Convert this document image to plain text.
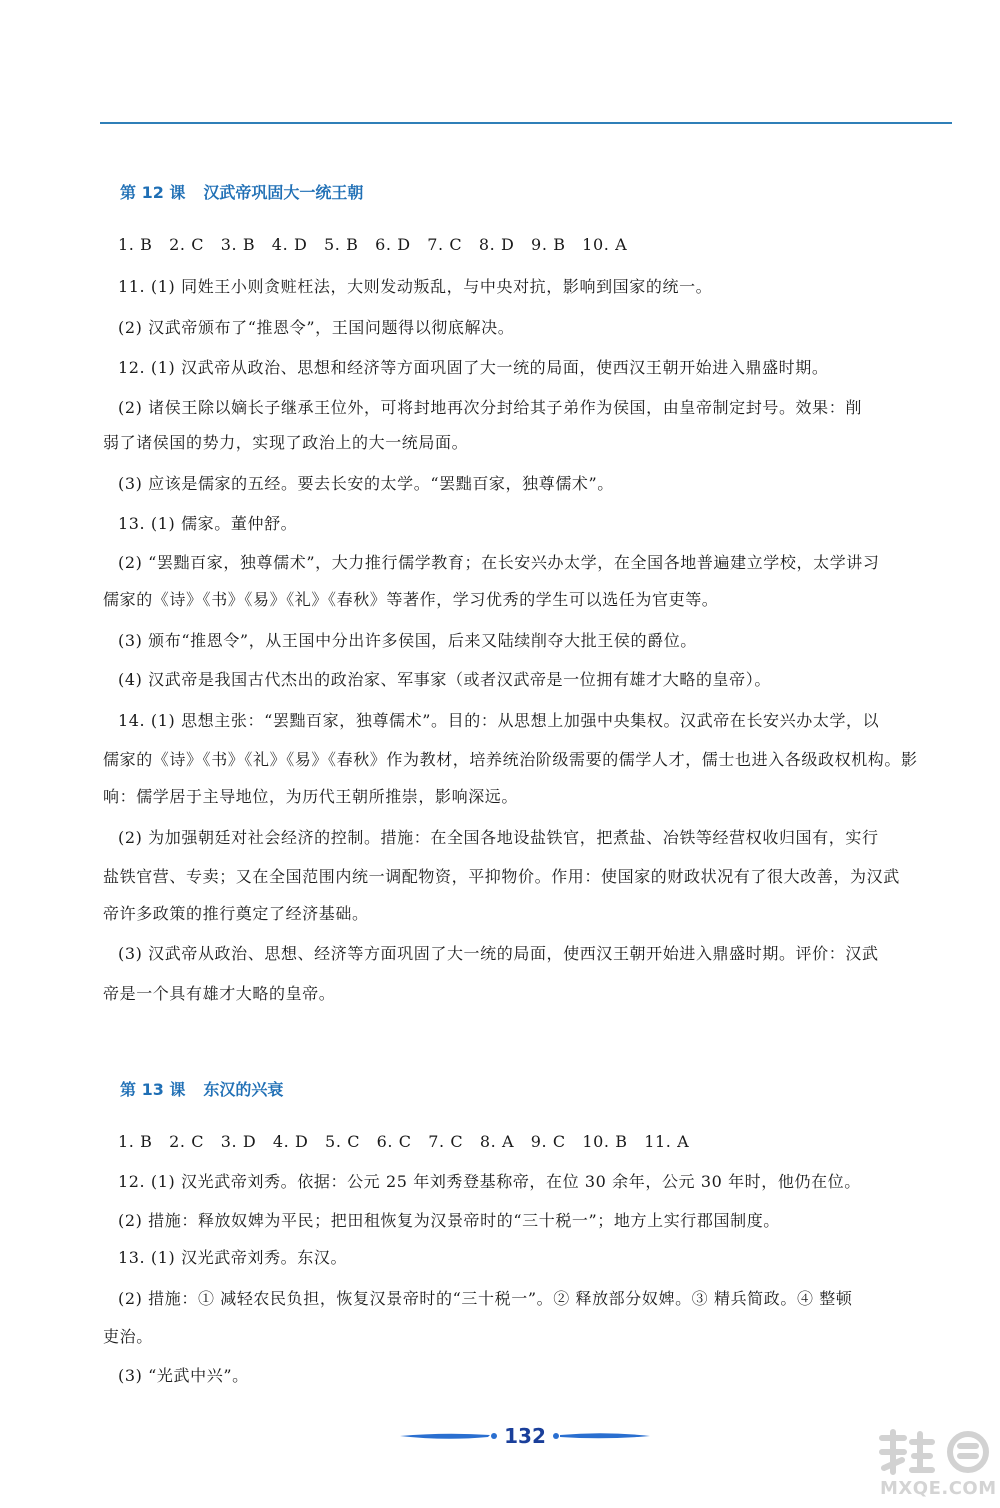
第 12 课 汉武帝巩固大一统王朝
1. B　2. C　3. B　4. D　5. B　6. D　7. C　8. D　9. B　10. A
11. (1) 同姓王小则贪赃枉法，大则发动叛乱，与中央对抗，影响到国家的统一。
(2) 汉武帝颁布了“推恩令”，王国问题得以彻底解决。
12. (1) 汉武帝从政治、思想和经济等方面巩固了大一统的局面，使西汉王朝开始进入鼎盛时期。
(2) 诸侯王除以嫡长子继承王位外，可将封地再次分封给其子弟作为侯国，由皇帝制定封号。效果：削
弱了诸侯国的势力，实现了政治上的大一统局面。
(3) 应该是儒家的五经。要去长安的太学。“罢黜百家，独尊儒术”。
13. (1) 儒家。董仲舒。
(2) “罢黜百家，独尊儒术”，大力推行儒学教育；在长安兴办太学，在全国各地普遍建立学校，太学讲习
儒家的《诗》《书》《易》《礼》《春秋》等著作，学习优秀的学生可以选任为官吏等。
(3) 颁布“推恩令”，从王国中分出许多侯国，后来又陆续削夺大批王侯的爵位。
(4) 汉武帝是我国古代杰出的政治家、军事家（或者汉武帝是一位拥有雄才大略的皇帝）。
14. (1) 思想主张：“罢黜百家，独尊儒术”。目的：从思想上加强中央集权。汉武帝在长安兴办太学，以
儒家的《诗》《书》《礼》《易》《春秋》作为教材，培养统治阶级需要的儒学人才，儒士也进入各级政权机构。影
响：儒学居于主导地位，为历代王朝所推崇，影响深远。
(2) 为加强朝廷对社会经济的控制。措施：在全国各地设盐铁官，把煮盐、冶铁等经营权收归国有，实行
盐铁官营、专卖；又在全国范围内统一调配物资，平抑物价。作用：使国家的财政状况有了很大改善，为汉武
帝许多政策的推行奠定了经济基础。
(3) 汉武帝从政治、思想、经济等方面巩固了大一统的局面，使西汉王朝开始进入鼎盛时期。评价：汉武
帝是一个具有雄才大略的皇帝。
第 13 课 东汉的兴衰
1. B　2. C　3. D　4. D　5. C　6. C　7. C　8. A　9. C　10. B　11. A
12. (1) 汉光武帝刘秀。依据：公元 25 年刘秀登基称帝，在位 30 余年，公元 30 年时，他仍在位。
(2) 措施：释放奴婢为平民；把田租恢复为汉景帝时的“三十税一”；地方上实行郡国制度。
13. (1) 汉光武帝刘秀。东汉。
(2) 措施：① 减轻农民负担，恢复汉景帝时的“三十税一”。② 释放部分奴婢。③ 精兵简政。④ 整顿
吏治。
(3) “光武中兴”。
132
MXQE.COM
